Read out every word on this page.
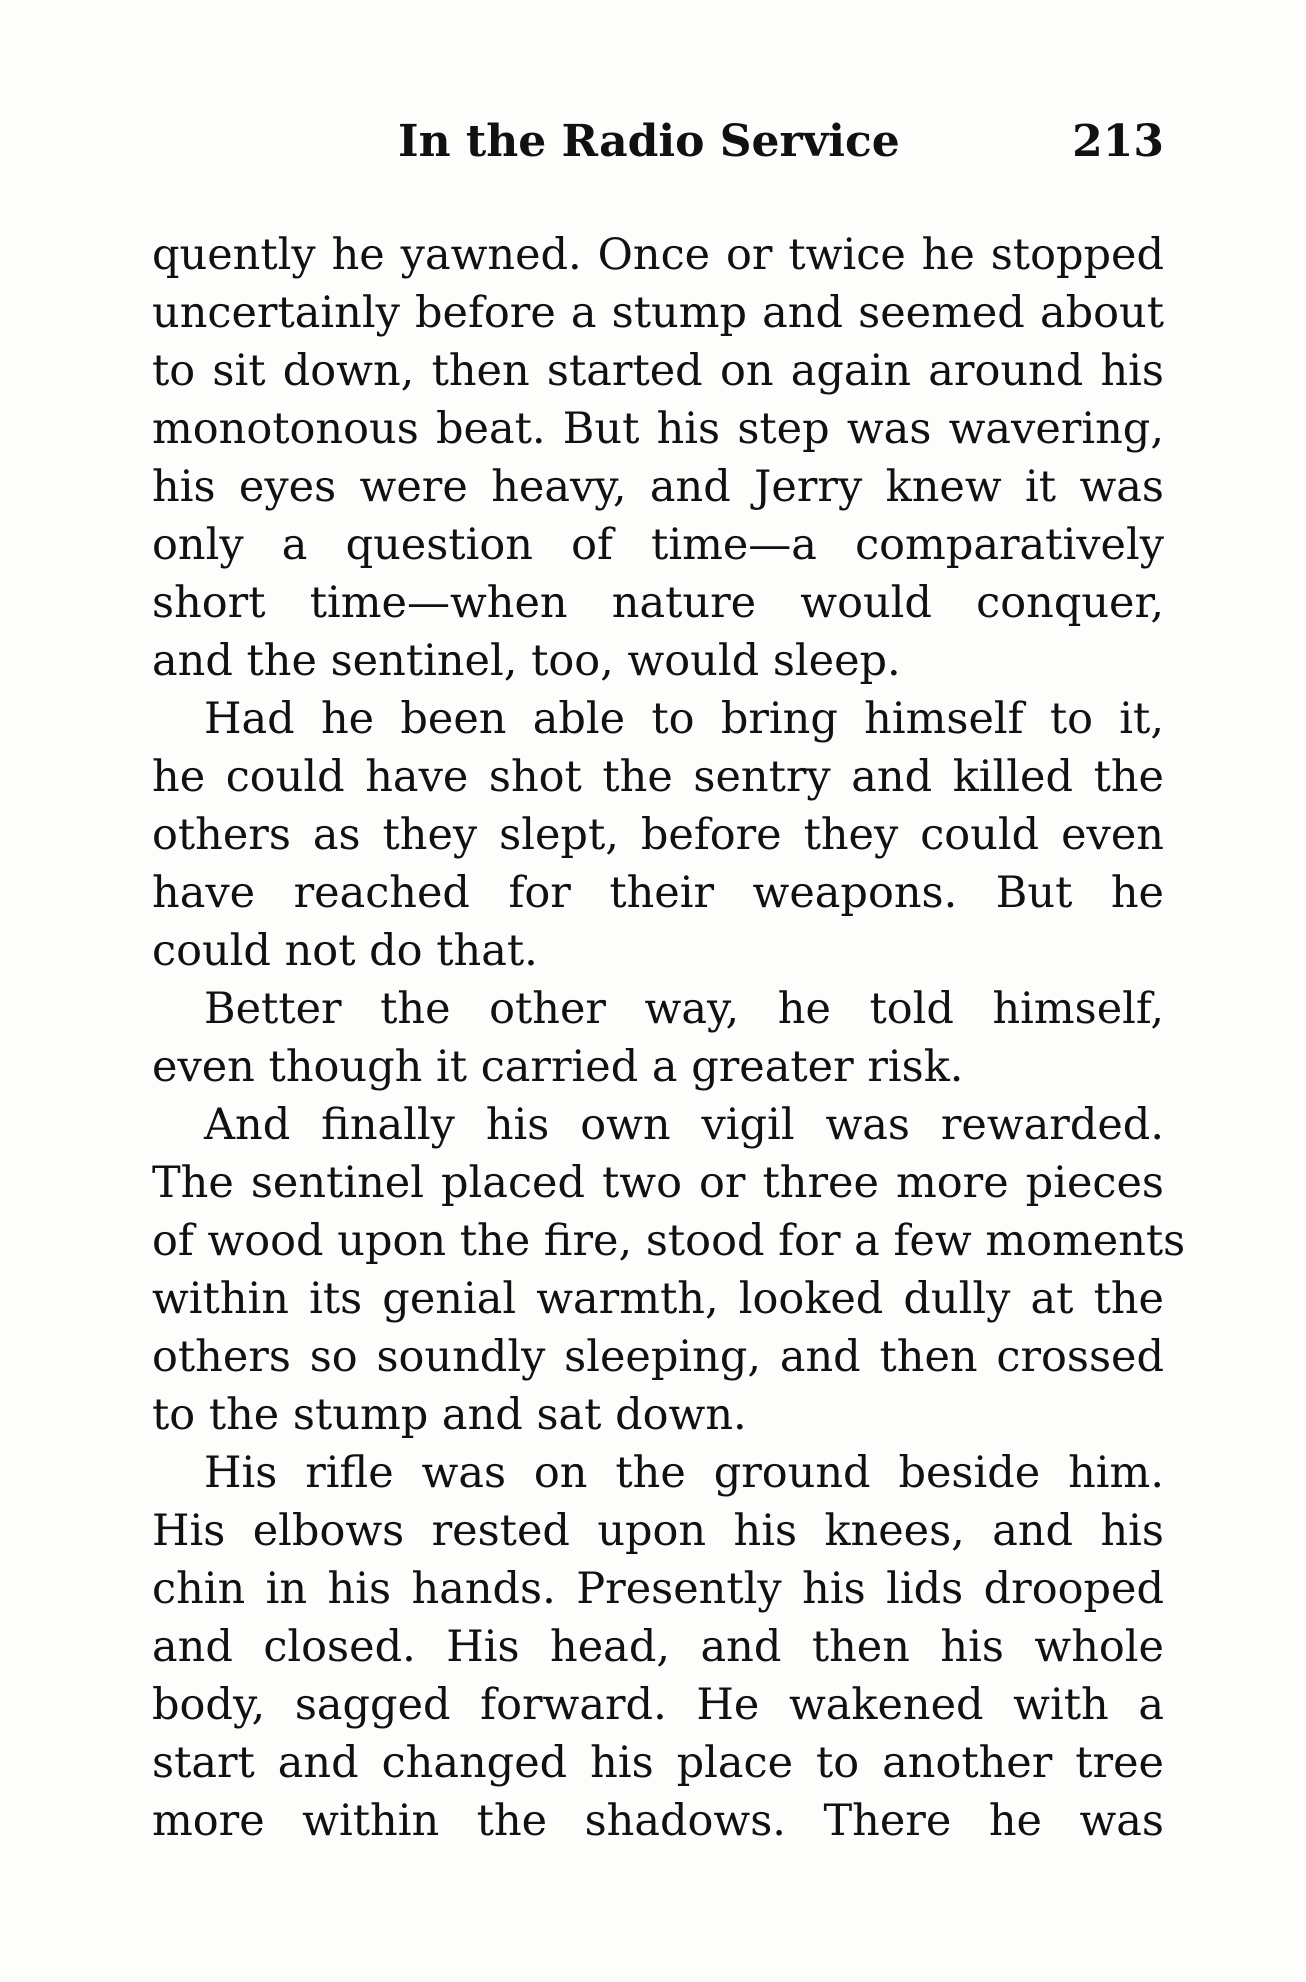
In the Radio Service	213
quently he yawned. Once or twice he stopped
uncertainly before a stump and seemed about
to sit down, then started on again around his
monotonous beat. But his step was wavering,
his eyes were heavy, and Jerry knew it was
only a question of time—a comparatively
short time—when nature would conquer,
and the sentinel, too, would sleep.
Had he been able to bring himself to it,
he could have shot the sentry and killed the
others as they slept, before they could even
have reached for their weapons. But he
could not do that.
Better the other way, he told himself,
even though it carried a greater risk.
And finally his own vigil was rewarded.
The sentinel placed two or three more pieces
of wood upon the fire, stood for a few moments
within its genial warmth, looked dully at the
others so soundly sleeping, and then crossed
to the stump and sat down.
His rifle was on the ground beside him.
His elbows rested upon his knees, and his
chin in his hands. Presently his lids drooped
and closed. His head, and then his whole
body, sagged forward. He wakened with a
start and changed his place to another tree
more within the shadows. There he was
